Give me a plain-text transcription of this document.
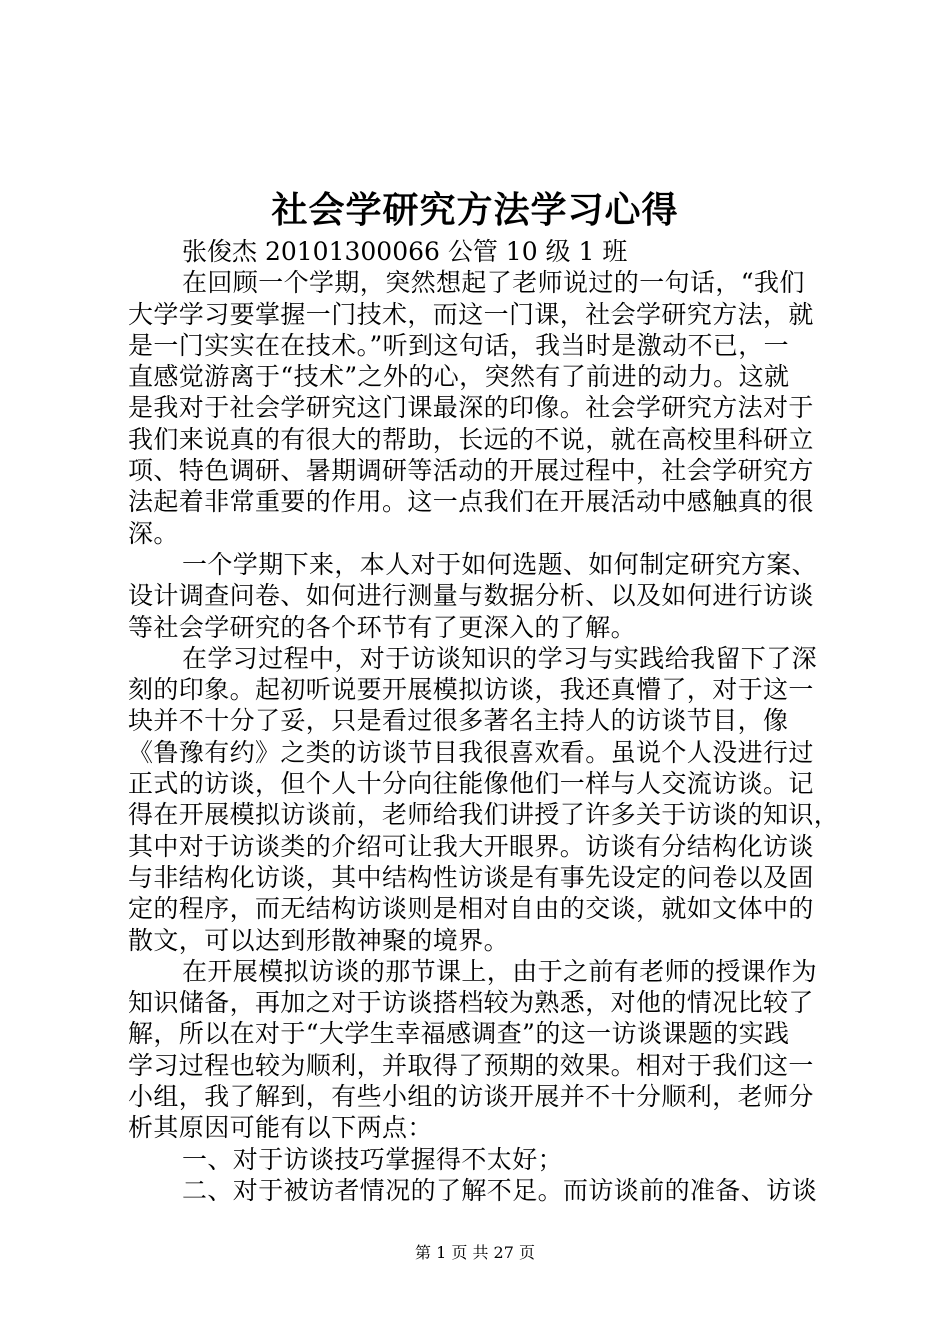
社会学研究方法学习心得
张俊杰 20101300066 公管 10 级 1 班
在回顾一个学期，突然想起了老师说过的一句话，“我们
大学学习要掌握一门技术，而这一门课，社会学研究方法，就
是一门实实在在技术。”听到这句话，我当时是激动不已，一
直感觉游离于“技术”之外的心，突然有了前进的动力。这就
是我对于社会学研究这门课最深的印像。社会学研究方法对于
我们来说真的有很大的帮助，长远的不说，就在高校里科研立
项、特色调研、暑期调研等活动的开展过程中，社会学研究方
法起着非常重要的作用。这一点我们在开展活动中感触真的很
深。
一个学期下来，本人对于如何选题、如何制定研究方案、
设计调查问卷、如何进行测量与数据分析、以及如何进行访谈
等社会学研究的各个环节有了更深入的了解。
在学习过程中，对于访谈知识的学习与实践给我留下了深
刻的印象。起初听说要开展模拟访谈，我还真懵了，对于这一
块并不十分了妥，只是看过很多著名主持人的访谈节目，像
《鲁豫有约》之类的访谈节目我很喜欢看。虽说个人没进行过
正式的访谈，但个人十分向往能像他们一样与人交流访谈。记
得在开展模拟访谈前，老师给我们讲授了许多关于访谈的知识，
其中对于访谈类的介绍可让我大开眼界。访谈有分结构化访谈
与非结构化访谈，其中结构性访谈是有事先设定的问卷以及固
定的程序，而无结构访谈则是相对自由的交谈，就如文体中的
散文，可以达到形散神聚的境界。
在开展模拟访谈的那节课上，由于之前有老师的授课作为
知识储备，再加之对于访谈搭档较为熟悉，对他的情况比较了
解，所以在对于“大学生幸福感调查”的这一访谈课题的实践
学习过程也较为顺利，并取得了预期的效果。相对于我们这一
小组，我了解到，有些小组的访谈开展并不十分顺利，老师分
析其原因可能有以下两点：
一、对于访谈技巧掌握得不太好；
二、对于被访者情况的了解不足。而访谈前的准备、访谈
第 1 页 共 27 页
